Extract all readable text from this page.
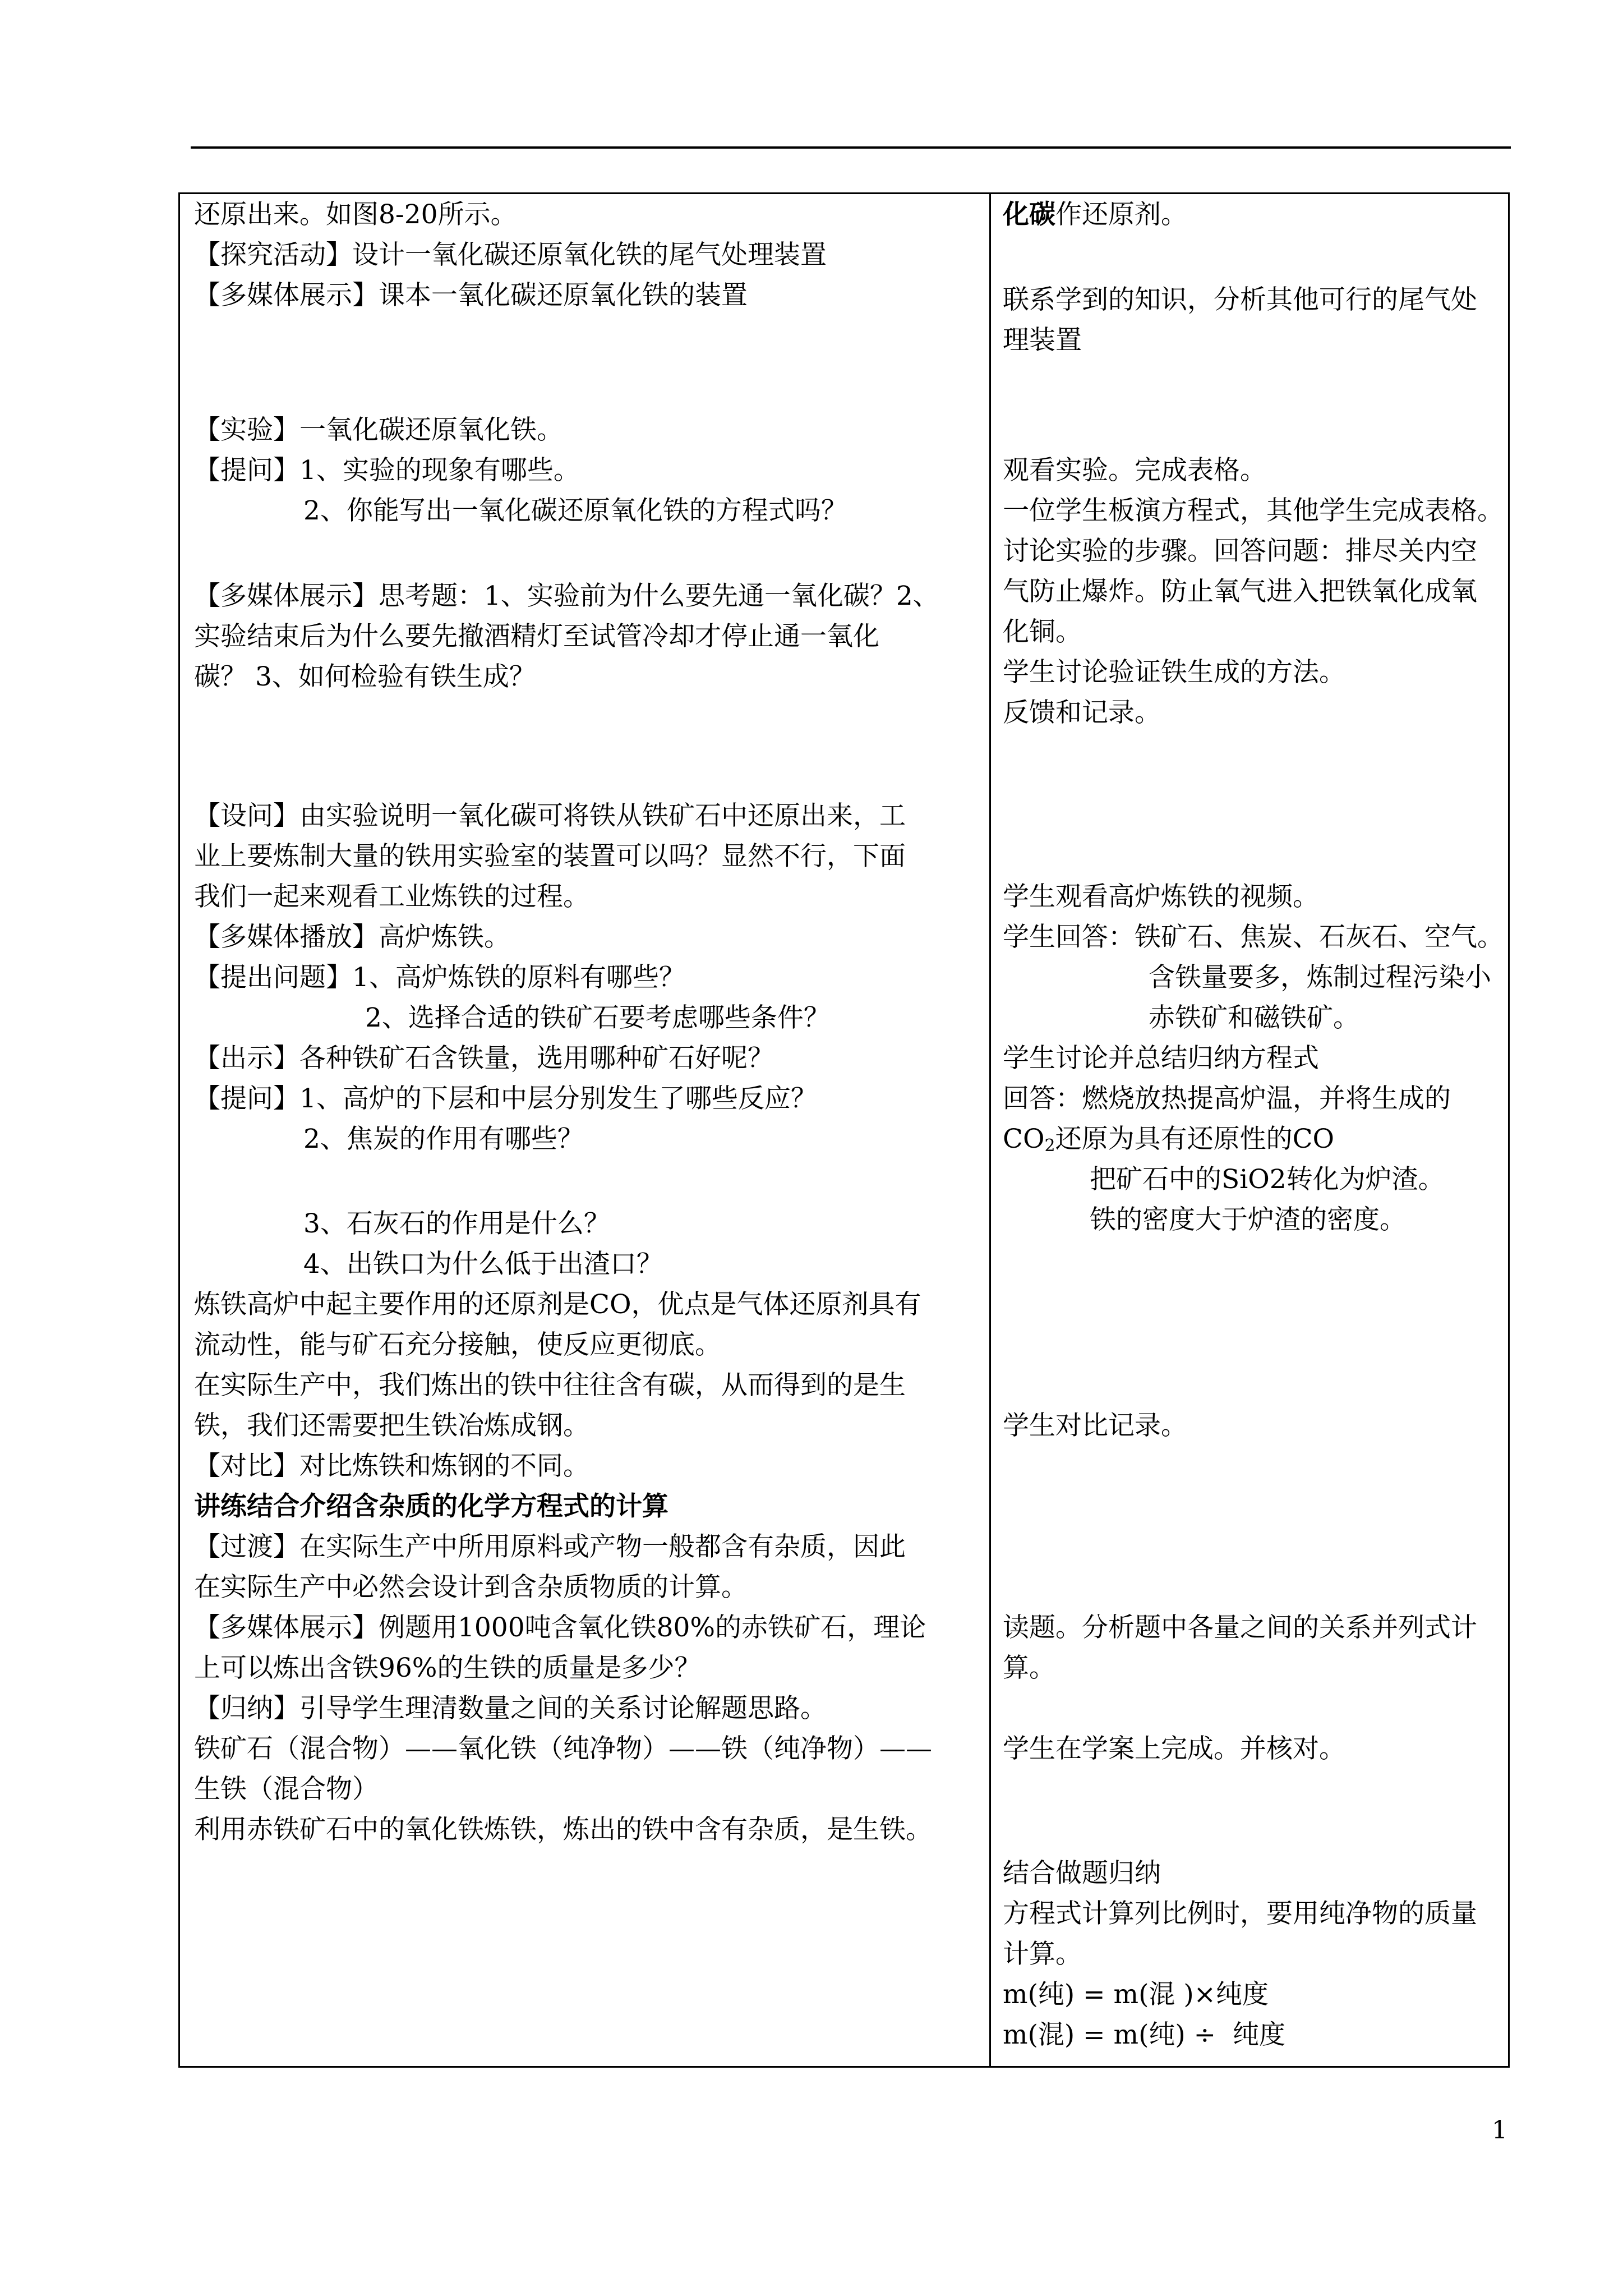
还原出来。如图8-20所示。
【探究活动】设计一氧化碳还原氧化铁的尾气处理装置
【多媒体展示】课本一氧化碳还原氧化铁的装置
【实验】一氧化碳还原氧化铁。
【提问】1、实验的现象有哪些。
2、你能写出一氧化碳还原氧化铁的方程式吗？
【多媒体展示】思考题：1、实验前为什么要先通一氧化碳？2、
实验结束后为什么要先撤酒精灯至试管冷却才停止通一氧化
碳？ 3、如何检验有铁生成？
【设问】由实验说明一氧化碳可将铁从铁矿石中还原出来，工
业上要炼制大量的铁用实验室的装置可以吗？显然不行，下面
我们一起来观看工业炼铁的过程。
【多媒体播放】高炉炼铁。
【提出问题】1、高炉炼铁的原料有哪些？
2、选择合适的铁矿石要考虑哪些条件？
【出示】各种铁矿石含铁量，选用哪种矿石好呢？
【提问】1、高炉的下层和中层分别发生了哪些反应？
2、焦炭的作用有哪些？
3、石灰石的作用是什么？
4、出铁口为什么低于出渣口？
炼铁高炉中起主要作用的还原剂是CO，优点是气体还原剂具有
流动性，能与矿石充分接触，使反应更彻底。
在实际生产中，我们炼出的铁中往往含有碳，从而得到的是生
铁，我们还需要把生铁冶炼成钢。
【对比】对比炼铁和炼钢的不同。
讲练结合介绍含杂质的化学方程式的计算
【过渡】在实际生产中所用原料或产物一般都含有杂质，因此
在实际生产中必然会设计到含杂质物质的计算。
【多媒体展示】例题用1000吨含氧化铁80%的赤铁矿石，理论
上可以炼出含铁96%的生铁的质量是多少？
【归纳】引导学生理清数量之间的关系讨论解题思路。
铁矿石（混合物）——氧化铁（纯净物）——铁（纯净物）——
生铁（混合物）
利用赤铁矿石中的氧化铁炼铁，炼出的铁中含有杂质，是生铁。
化碳作还原剂。
联系学到的知识，分析其他可行的尾气处
理装置
观看实验。完成表格。
一位学生板演方程式，其他学生完成表格。
讨论实验的步骤。回答问题：排尽关内空
气防止爆炸。防止氧气进入把铁氧化成氧
化铜。
学生讨论验证铁生成的方法。
反馈和记录。
学生观看高炉炼铁的视频。
学生回答：铁矿石、焦炭、石灰石、空气。
含铁量要多，炼制过程污染小
赤铁矿和磁铁矿。
学生讨论并总结归纳方程式
回答：燃烧放热提高炉温，并将生成的
$CO_2$还原为具有还原性的CO
把矿石中的SiO2转化为炉渣。
铁的密度大于炉渣的密度。
学生对比记录。
读题。分析题中各量之间的关系并列式计
算。
学生在学案上完成。并核对。
结合做题归纳
方程式计算列比例时，要用纯净物的质量
计算。
m(纯) = m(混 )×纯度
m(混) = m(纯) ÷  纯度
1
